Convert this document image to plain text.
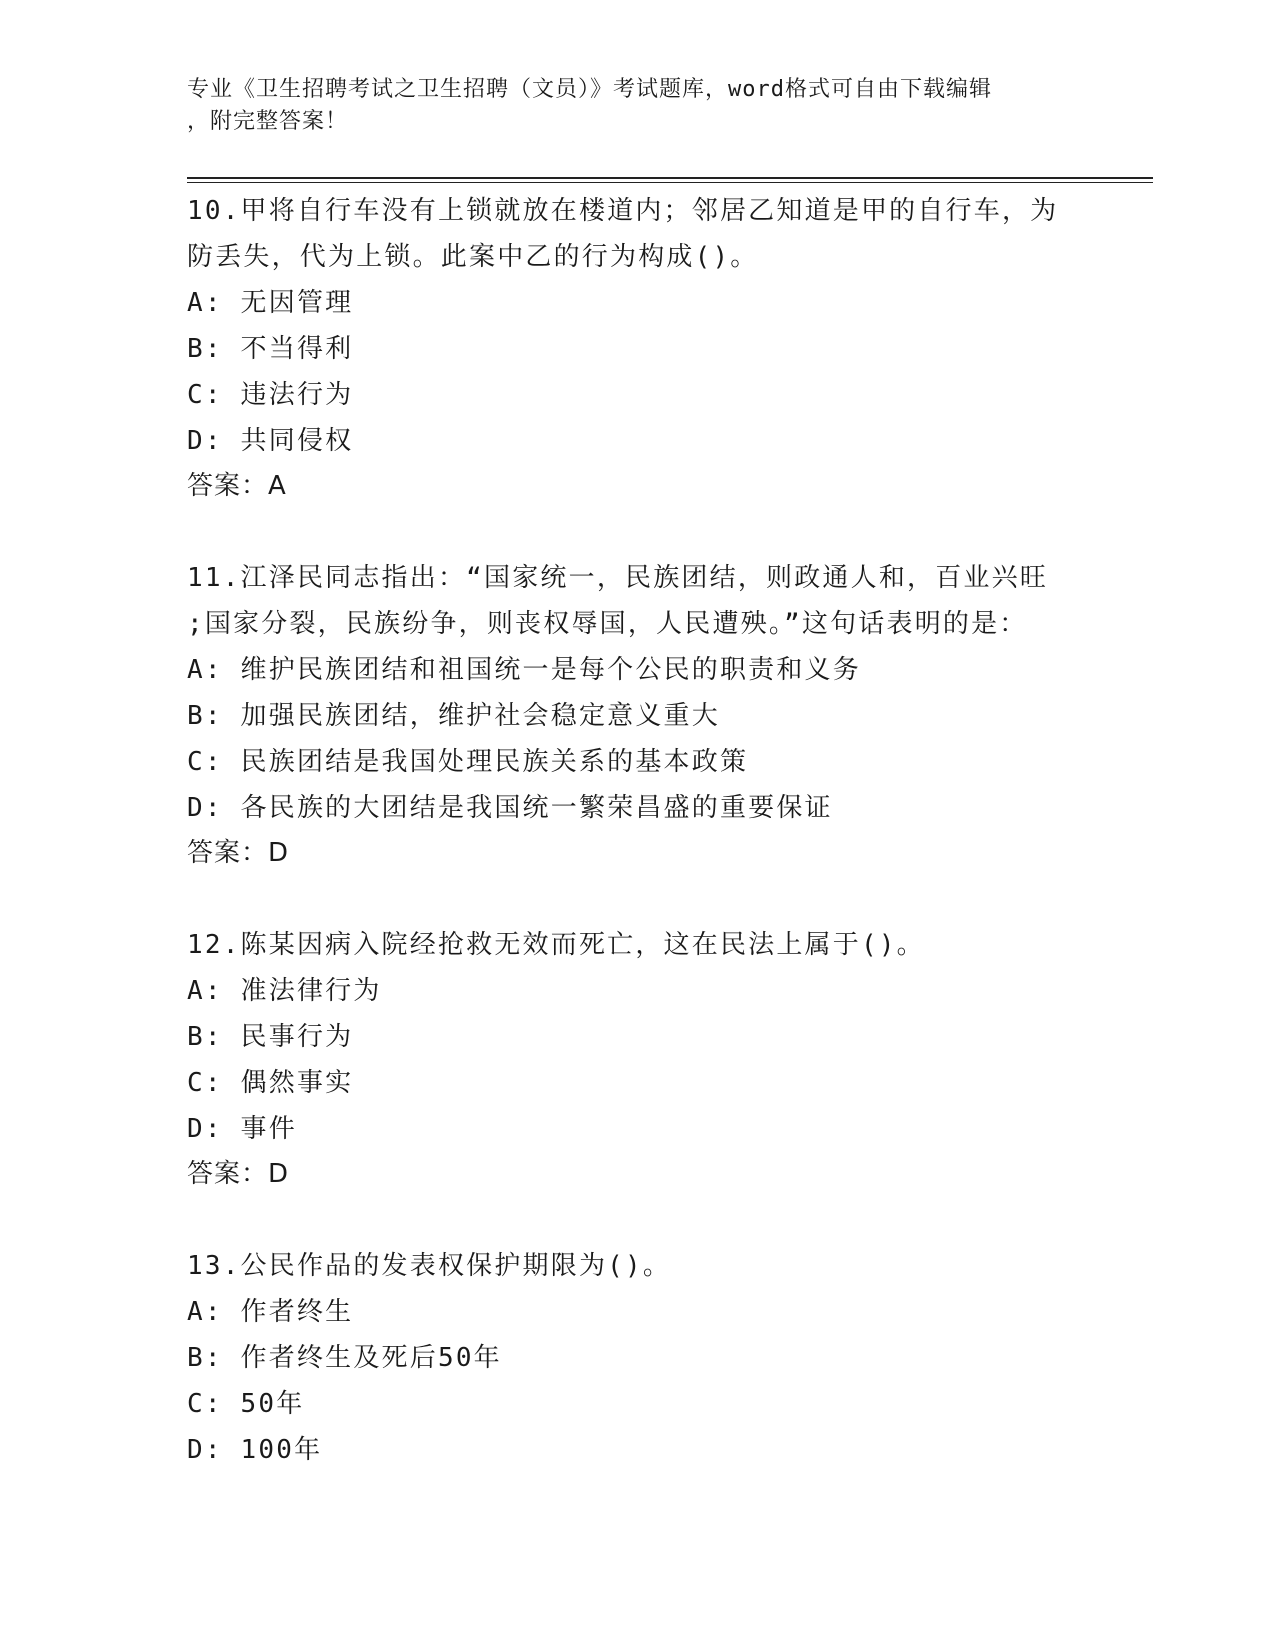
专业《卫生招聘考试之卫生招聘（文员）》考试题库，word格式可自由下载编辑
，附完整答案！
10.甲将自行车没有上锁就放在楼道内；邻居乙知道是甲的自行车，为
防丢失，代为上锁。此案中乙的行为构成()。
A: 无因管理
B: 不当得利
C: 违法行为
D: 共同侵权
答案：A
11.江泽民同志指出：“国家统一，民族团结，则政通人和，百业兴旺
;国家分裂，民族纷争，则丧权辱国，人民遭殃。”这句话表明的是：
A: 维护民族团结和祖国统一是每个公民的职责和义务
B: 加强民族团结，维护社会稳定意义重大
C: 民族团结是我国处理民族关系的基本政策
D: 各民族的大团结是我国统一繁荣昌盛的重要保证
答案：D
12.陈某因病入院经抢救无效而死亡，这在民法上属于()。
A: 准法律行为
B: 民事行为
C: 偶然事实
D: 事件
答案：D
13.公民作品的发表权保护期限为()。
A: 作者终生
B: 作者终生及死后50年
C: 50年
D: 100年
